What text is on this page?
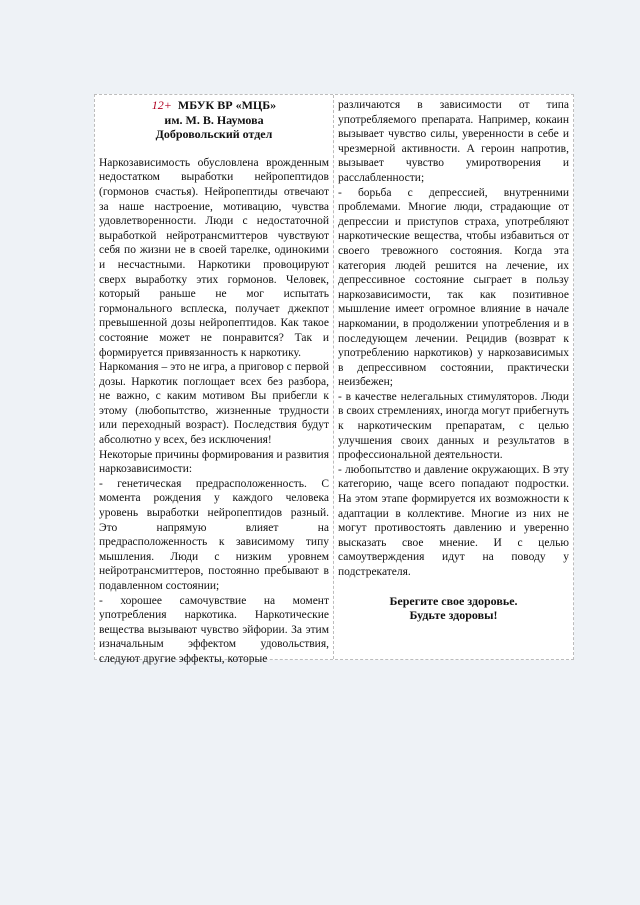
12+ МБУК ВР «МЦБ»
им. М. В. Наумова
Добровольский отдел
Наркозависимость обусловлена врожденным недостатком выработки нейропептидов (гормонов счастья). Нейропептиды отвечают за наше настроение, мотивацию, чувства удовлетворенности. Люди с недостаточной выработкой нейротрансмиттеров чувствуют себя по жизни не в своей тарелке, одинокими и несчастными. Наркотики провоцируют сверх выработку этих гормонов. Человек, который раньше не мог испытать гормонального всплеска, получает джекпот превышенной дозы нейропептидов. Как такое состояние может не понравится? Так и формируется привязанность к наркотику.
Наркомания – это не игра, а приговор с первой дозы. Наркотик поглощает всех без разбора, не важно, с каким мотивом Вы прибегли к этому (любопытство, жизненные трудности или переходный возраст). Последствия будут абсолютно у всех, без исключения!
Некоторые причины формирования и развития наркозависимости:
- генетическая предрасположенность. С момента рождения у каждого человека уровень выработки нейропептидов разный. Это напрямую влияет на предрасположенность к зависимому типу мышления. Люди с низким уровнем нейротрансмиттеров, постоянно пребывают в подавленном состоянии;
- хорошее самочувствие на момент употребления наркотика. Наркотические вещества вызывают чувство эйфории. За этим изначальным эффектом удовольствия, следуют другие эффекты, которые
различаются в зависимости от типа употребляемого препарата. Например, кокаин вызывает чувство силы, уверенности в себе и чрезмерной активности. А героин напротив, вызывает чувство умиротворения и расслабленности;
- борьба с депрессией, внутренними проблемами. Многие люди, страдающие от депрессии и приступов страха, употребляют наркотические вещества, чтобы избавиться от своего тревожного состояния. Когда эта категория людей решится на лечение, их депрессивное состояние сыграет в пользу наркозависимости, так как позитивное мышление имеет огромное влияние в начале наркомании, в продолжении употребления и в последующем лечении. Рецидив (возврат к употреблению наркотиков) у наркозависимых в депрессивном состоянии, практически неизбежен;
- в качестве нелегальных стимуляторов. Люди в своих стремлениях, иногда могут прибегнуть к наркотическим препаратам, с целью улучшения своих данных и результатов в профессиональной деятельности.
- любопытство и давление окружающих. В эту категорию, чаще всего попадают подростки. На этом этапе формируется их возможности к адаптации в коллективе. Многие из них не могут противостоять давлению и уверенно высказать свое мнение. И с целью самоутверждения идут на поводу у подстрекателя.
Берегите свое здоровье.
Будьте здоровы!
